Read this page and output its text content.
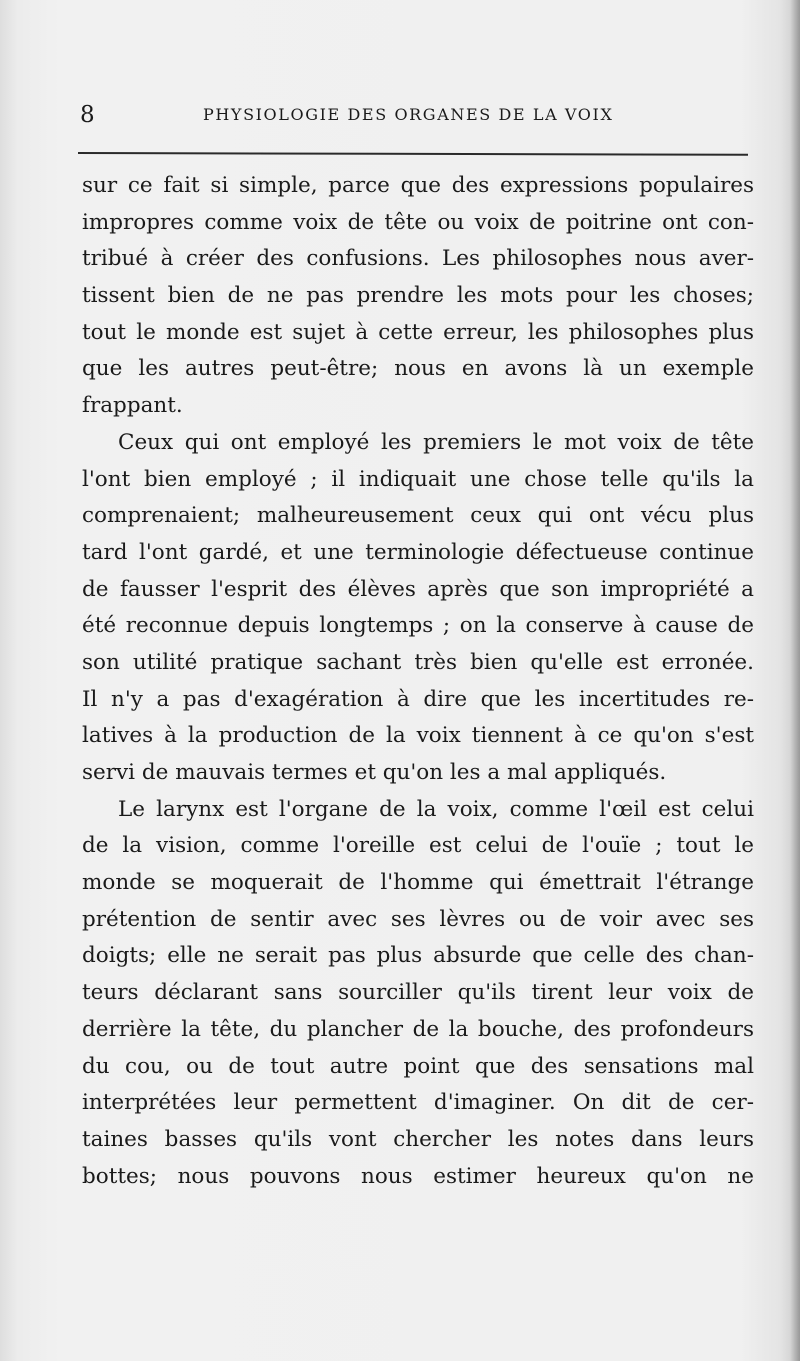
8	PHYSIOLOGIE DES ORGANES DE LA VOIX
sur ce fait si simple, parce que des expressions populaires
impropres comme voix de tête ou voix de poitrine ont con-
tribué à créer des confusions. Les philosophes nous aver-
tissent bien de ne pas prendre les mots pour les choses;
tout le monde est sujet à cette erreur, les philosophes plus
que les autres peut-être; nous en avons là un exemple
frappant.
Ceux qui ont employé les premiers le mot voix de tête
l'ont bien employé ; il indiquait une chose telle qu'ils la
comprenaient; malheureusement ceux qui ont vécu plus
tard l'ont gardé, et une terminologie défectueuse continue
de fausser l'esprit des élèves après que son impropriété a
été reconnue depuis longtemps ; on la conserve à cause de
son utilité pratique sachant très bien qu'elle est erronée.
Il n'y a pas d'exagération à dire que les incertitudes re-
latives à la production de la voix tiennent à ce qu'on s'est
servi de mauvais termes et qu'on les a mal appliqués.
Le larynx est l'organe de la voix, comme l'œil est celui
de la vision, comme l'oreille est celui de l'ouïe ; tout le
monde se moquerait de l'homme qui émettrait l'étrange
prétention de sentir avec ses lèvres ou de voir avec ses
doigts; elle ne serait pas plus absurde que celle des chan-
teurs déclarant sans sourciller qu'ils tirent leur voix de
derrière la tête, du plancher de la bouche, des profondeurs
du cou, ou de tout autre point que des sensations mal
interprétées leur permettent d'imaginer. On dit de cer-
taines basses qu'ils vont chercher les notes dans leurs
bottes; nous pouvons nous estimer heureux qu'on ne
